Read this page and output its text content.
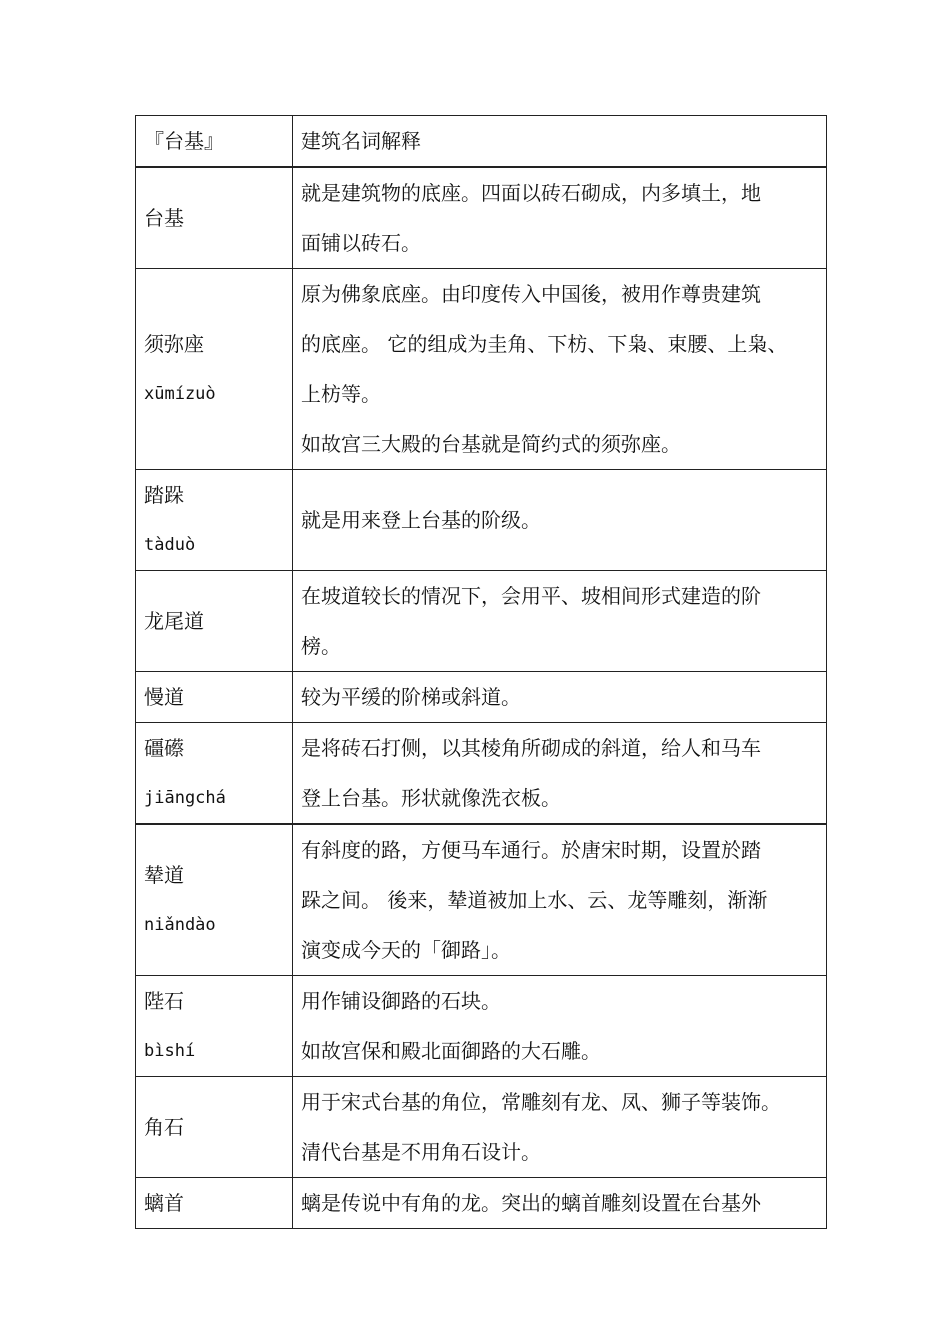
『台基』	建筑名词解释

台基	就是建筑物的底座。四面以砖石砌成，内多填土，地
面铺以砖石。

须弥座
xūmízuò	原为佛象底座。由印度传入中国後，被用作尊贵建筑
的底座。 它的组成为圭角、下枋、下枭、束腰、上枭、
上枋等。
如故宫三大殿的台基就是简约式的须弥座。

踏跺
tàduò	就是用来登上台基的阶级。

龙尾道	在坡道较长的情况下，会用平、坡相间形式建造的阶
榜。

慢道	较为平缓的阶梯或斜道。

礓礤
jiāngchá	是将砖石打侧，以其棱角所砌成的斜道，给人和马车
登上台基。形状就像洗衣板。

辇道
niǎndào	有斜度的路，方便马车通行。於唐宋时期，设置於踏
跺之间。 後来，辇道被加上水、云、龙等雕刻，渐渐
演变成今天的「御路」。

陛石
bìshí	用作铺设御路的石块。
如故宫保和殿北面御路的大石雕。

角石	用于宋式台基的角位，常雕刻有龙、凤、狮子等装饰。
清代台基是不用角石设计。

螭首	螭是传说中有角的龙。突出的螭首雕刻设置在台基外
